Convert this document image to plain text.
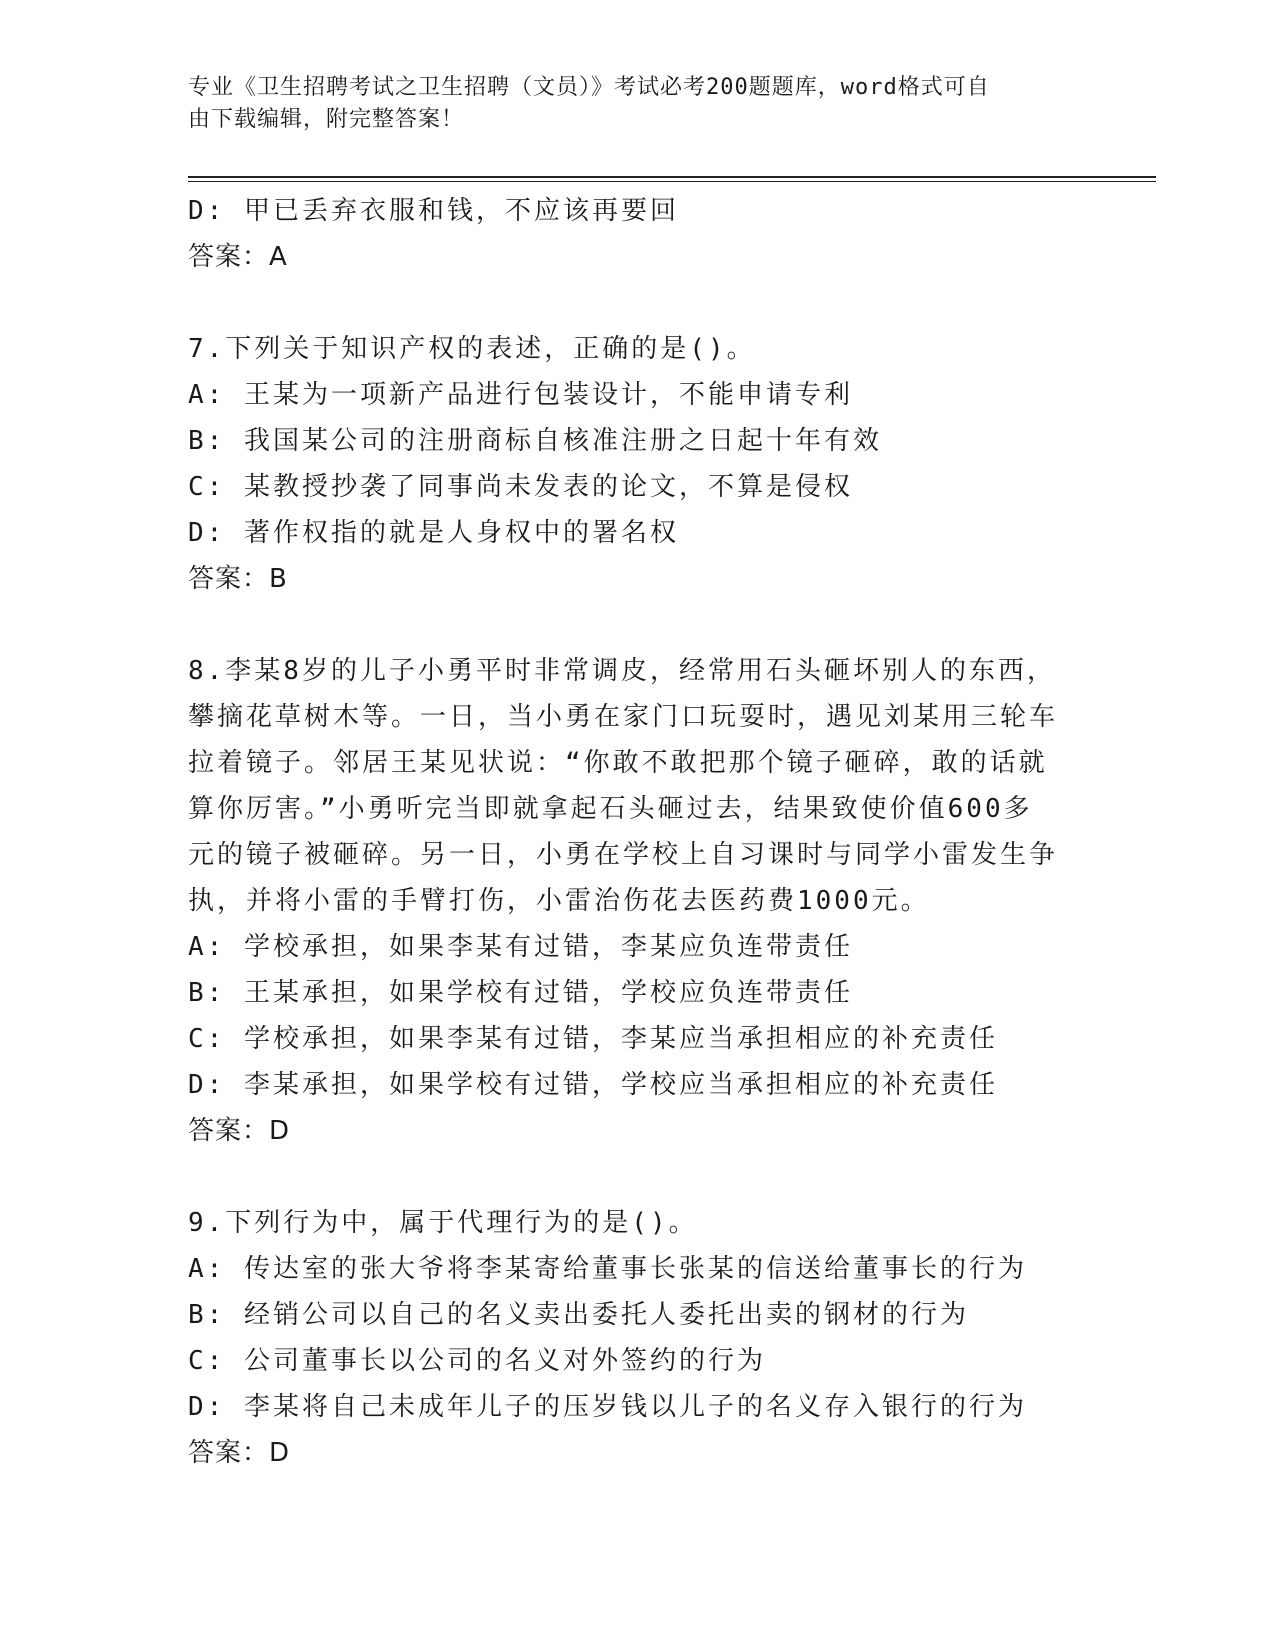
专业《卫生招聘考试之卫生招聘（文员）》考试必考200题题库，word格式可自
由下载编辑，附完整答案！
D: 甲已丢弃衣服和钱，不应该再要回
答案：A
7.下列关于知识产权的表述，正确的是()。
A: 王某为一项新产品进行包装设计，不能申请专利
B: 我国某公司的注册商标自核准注册之日起十年有效
C: 某教授抄袭了同事尚未发表的论文，不算是侵权
D: 著作权指的就是人身权中的署名权
答案：B
8.李某8岁的儿子小勇平时非常调皮，经常用石头砸坏别人的东西，
攀摘花草树木等。一日，当小勇在家门口玩耍时，遇见刘某用三轮车
拉着镜子。邻居王某见状说：“你敢不敢把那个镜子砸碎，敢的话就
算你厉害。”小勇听完当即就拿起石头砸过去，结果致使价值600多
元的镜子被砸碎。另一日，小勇在学校上自习课时与同学小雷发生争
执，并将小雷的手臂打伤，小雷治伤花去医药费1000元。
A: 学校承担，如果李某有过错，李某应负连带责任
B: 王某承担，如果学校有过错，学校应负连带责任
C: 学校承担，如果李某有过错，李某应当承担相应的补充责任
D: 李某承担，如果学校有过错，学校应当承担相应的补充责任
答案：D
9.下列行为中，属于代理行为的是()。
A: 传达室的张大爷将李某寄给董事长张某的信送给董事长的行为
B: 经销公司以自己的名义卖出委托人委托出卖的钢材的行为
C: 公司董事长以公司的名义对外签约的行为
D: 李某将自己未成年儿子的压岁钱以儿子的名义存入银行的行为
答案：D
